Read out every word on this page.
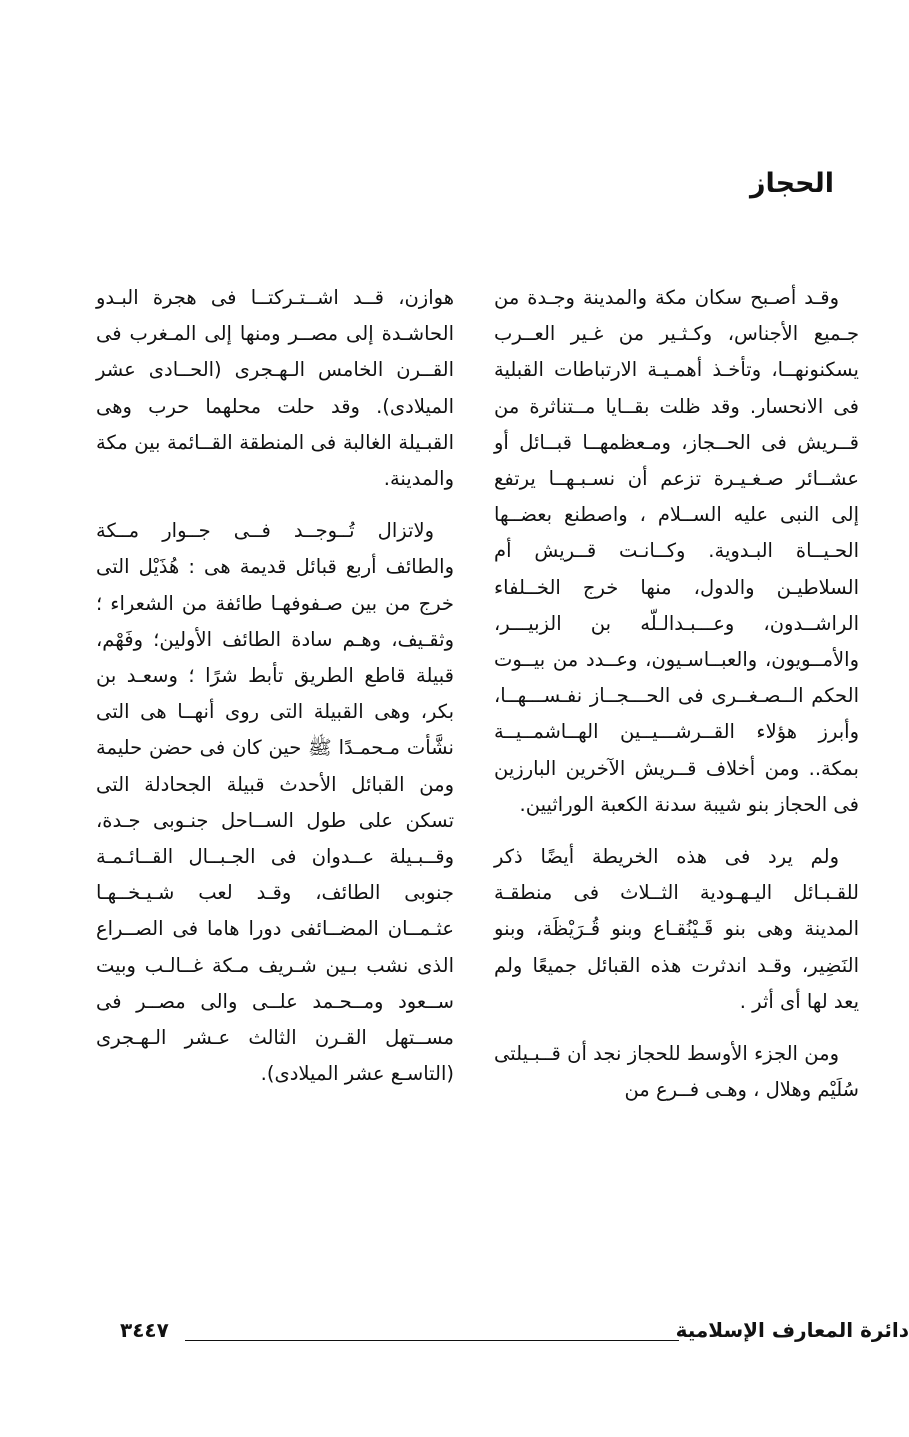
الحجاز

وقـد أصـبح سكان مكة والمدينة وجـدة من جـميع الأجناس، وكـثـير من غـير العــرب يسكنونهــا، وتأخـذ أهمـيـة الارتباطات القبلية فى الانحسار. وقد ظلت بقــايا مــتناثرة من قــريش فى الحــجاز، ومـعظمهــا قبــائل أو عشــائر صـغـيـرة تزعم أن نسـبـهــا يرتفع إلى النبى عليه الســلام ، واصطنع بعضــها الحـيــاة البـدوية. وكــانـت قــريش أم السلاطيـن والدول، منها خرج الخــلفاء الراشــدون، وعـــبـدالـلّه بن الزبيـــر، والأمــويون، والعبــاسـيون، وعــدد من بيــوت الحكم الــصـغــرى فى الحـــجــاز نفـســـهــا، وأبرز هؤلاء القــرشـــيــين الهــاشمــيــة بمكة.. ومن أخلاف قــريش الآخرين البارزين فى الحجاز بنو شيبة سدنة الكعبة الوراثيين.

ولم يرد فى هذه الخريطة أيضًا ذكر للقـبـائل اليـهـودية الثــلاث فى منطقـة المدينة وهى بنو قَـيْنُقـاع وبنو قُـرَيْظَة، وبنو النَضِير، وقـد اندثرت هذه القبائل جميعًا ولم يعد لها أى أثر .

ومن الجزء الأوسط للحجاز نجد أن قــبـيلتى سُلَيْم وهلال ، وهـى فــرع من

هوازن، قــد اشــتـركتــا فى هجرة البـدو الحاشـدة إلى مصــر ومنها إلى المـغرب فى القــرن الخامس الـهـجرى (الحــادى عشر الميلادى). وقد حلت محلهما حرب وهى القبـيلة الغالبة فى المنطقة القــائمة بين مكة والمدينة.

ولاتزال تُــوجــد فــى جــوار مــكة والطائف أربع قبائل قديمة هى : هُذَيْل التى خرج من بين صـفوفهـا طائفة من الشعراء ؛ وثقـيف، وهـم سادة الطائف الأولين؛ وفَهْم، قبيلة قاطع الطريق تأبط شرًا ؛ وسعـد بن بكر، وهى القبيلة التى روى أنهــا هى التى نشَّأت مـحمـدًا ﷺ حين كان فى حضن حليمة ومن القبائل الأحدث قبيلة الجحادلة التى تسكن على طول الســاحل جنـوبى جـدة، وقــبـيلة عــدوان فى الجـبــال القــائـمـة جنوبى الطائف، وقـد لعب شـيـخــهـا عثـمــان المضــائفى دورا هاما فى الصــراع الذى نشب بـين شـريف مـكة غــالـب وبيت ســعود ومــحـمد علــى والى مصــر فى مســتهل القـرن الثالث عـشر الـهـجرى (التاسـع عشر الميلادى).

دائرة المعارف الإسلامية
٣٤٤٧
